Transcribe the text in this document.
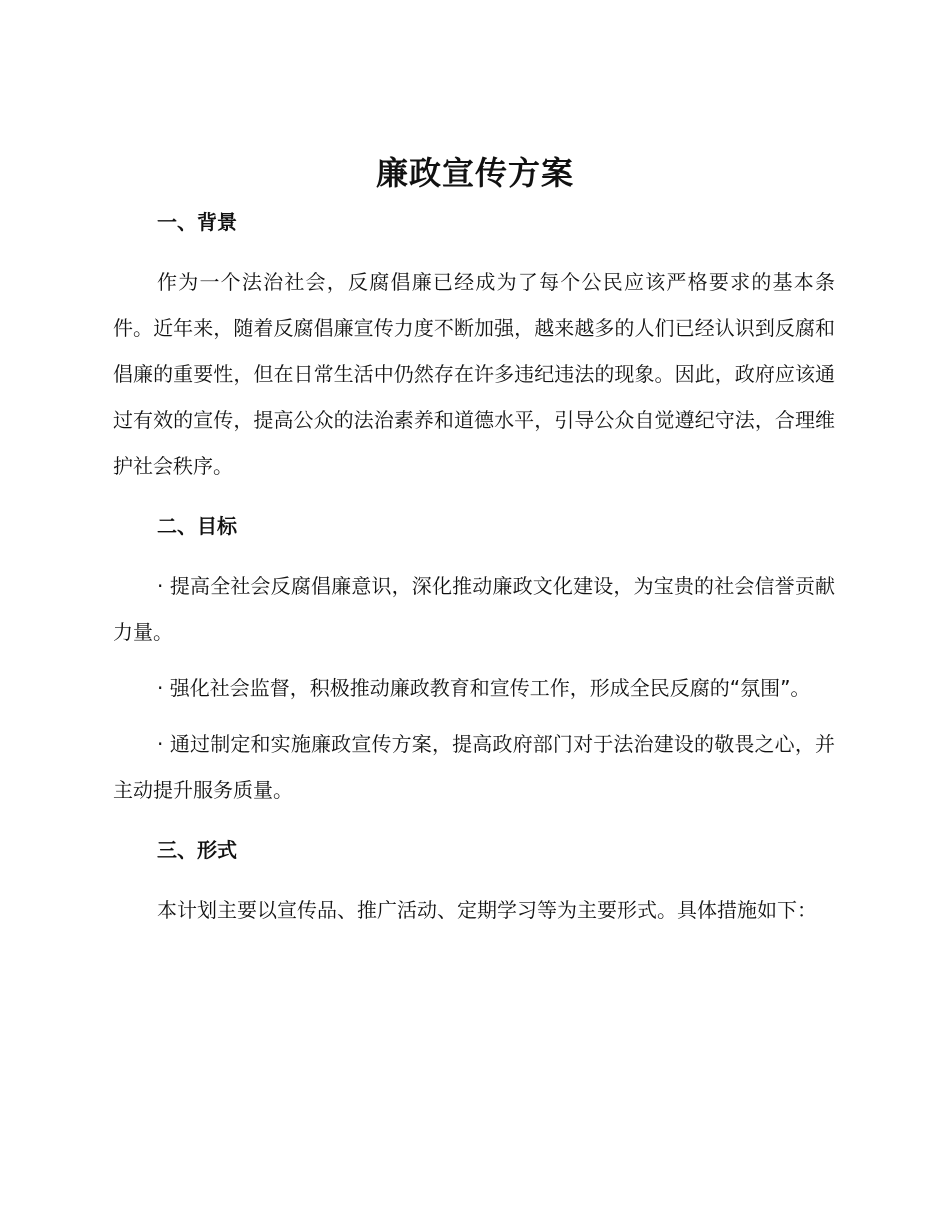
廉政宣传方案
一、背景

作为一个法治社会，反腐倡廉已经成为了每个公民应该严格要求的基本条件。近年来，随着反腐倡廉宣传力度不断加强，越来越多的人们已经认识到反腐和倡廉的重要性，但在日常生活中仍然存在许多违纪违法的现象。因此，政府应该通过有效的宣传，提高公众的法治素养和道德水平，引导公众自觉遵纪守法，合理维护社会秩序。

二、目标

· 提高全社会反腐倡廉意识，深化推动廉政文化建设，为宝贵的社会信誉贡献力量。

· 强化社会监督，积极推动廉政教育和宣传工作，形成全民反腐的“氛围”。

· 通过制定和实施廉政宣传方案，提高政府部门对于法治建设的敬畏之心，并主动提升服务质量。

三、形式

本计划主要以宣传品、推广活动、定期学习等为主要形式。具体措施如下：
